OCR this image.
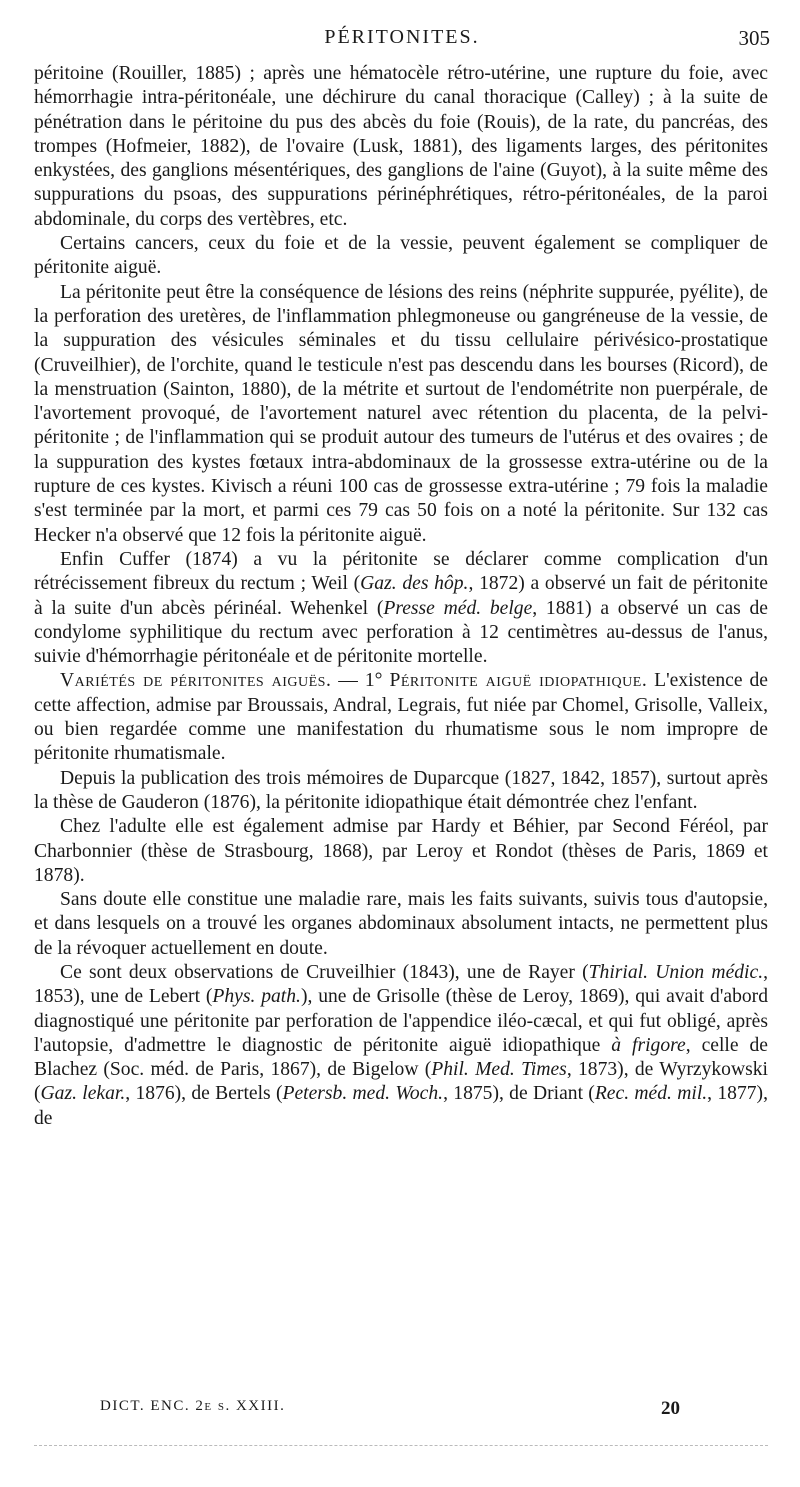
PÉRITONITES.	305

péritoine (Rouiller, 1885) ; après une hématocèle rétro-utérine, une rupture du foie, avec hémorrhagie intra-péritonéale, une déchirure du canal thoracique (Calley) ; à la suite de pénétration dans le péritoine du pus des abcès du foie (Rouis), de la rate, du pancréas, des trompes (Hofmeier, 1882), de l'ovaire (Lusk, 1881), des ligaments larges, des péritonites enkystées, des ganglions mésentériques, des ganglions de l'aine (Guyot), à la suite même des suppurations du psoas, des suppurations périnéphrétiques, rétro-péritonéales, de la paroi abdominale, du corps des vertèbres, etc.

Certains cancers, ceux du foie et de la vessie, peuvent également se compliquer de péritonite aiguë.

La péritonite peut être la conséquence de lésions des reins (néphrite suppurée, pyélite), de la perforation des uretères, de l'inflammation phlegmoneuse ou gangréneuse de la vessie, de la suppuration des vésicules séminales et du tissu cellulaire périvésico-prostatique (Cruveilhier), de l'orchite, quand le testicule n'est pas descendu dans les bourses (Ricord), de la menstruation (Sainton, 1880), de la métrite et surtout de l'endométrite non puerpérale, de l'avortement provoqué, de l'avortement naturel avec rétention du placenta, de la pelvi-péritonite ; de l'inflammation qui se produit autour des tumeurs de l'utérus et des ovaires ; de la suppuration des kystes fœtaux intra-abdominaux de la grossesse extra-utérine ou de la rupture de ces kystes. Kivisch a réuni 100 cas de grossesse extra-utérine ; 79 fois la maladie s'est terminée par la mort, et parmi ces 79 cas 50 fois on a noté la péritonite. Sur 132 cas Hecker n'a observé que 12 fois la péritonite aiguë.

Enfin Cuffer (1874) a vu la péritonite se déclarer comme complication d'un rétrécissement fibreux du rectum ; Weil (Gaz. des hôp., 1872) a observé un fait de péritonite à la suite d'un abcès périnéal. Wehenkel (Presse méd. belge, 1881) a observé un cas de condylome syphilitique du rectum avec perforation à 12 centimètres au-dessus de l'anus, suivie d'hémorrhagie péritonéale et de péritonite mortelle.

Variétés de péritonites aiguës. — 1° Péritonite aiguë idiopathique. L'existence de cette affection, admise par Broussais, Andral, Legrais, fut niée par Chomel, Grisolle, Valleix, ou bien regardée comme une manifestation du rhumatisme sous le nom impropre de péritonite rhumatismale.

Depuis la publication des trois mémoires de Duparcque (1827, 1842, 1857), surtout après la thèse de Gauderon (1876), la péritonite idiopathique était démontrée chez l'enfant.

Chez l'adulte elle est également admise par Hardy et Béhier, par Second Féréol, par Charbonnier (thèse de Strasbourg, 1868), par Leroy et Rondot (thèses de Paris, 1869 et 1878).

Sans doute elle constitue une maladie rare, mais les faits suivants, suivis tous d'autopsie, et dans lesquels on a trouvé les organes abdominaux absolument intacts, ne permettent plus de la révoquer actuellement en doute.

Ce sont deux observations de Cruveilhier (1843), une de Rayer (Thirial. Union médic., 1853), une de Lebert (Phys. path.), une de Grisolle (thèse de Leroy, 1869), qui avait d'abord diagnostiqué une péritonite par perforation de l'appendice iléo-cæcal, et qui fut obligé, après l'autopsie, d'admettre le diagnostic de péritonite aiguë idiopathique à frigore, celle de Blachez (Soc. méd. de Paris, 1867), de Bigelow (Phil. Med. Times, 1873), de Wyrzykowski (Gaz. lekar., 1876), de Bertels (Petersb. med. Woch., 1875), de Driant (Rec. méd. mil., 1877), de

DICT. ENC. 2e s. XXIII.	20
